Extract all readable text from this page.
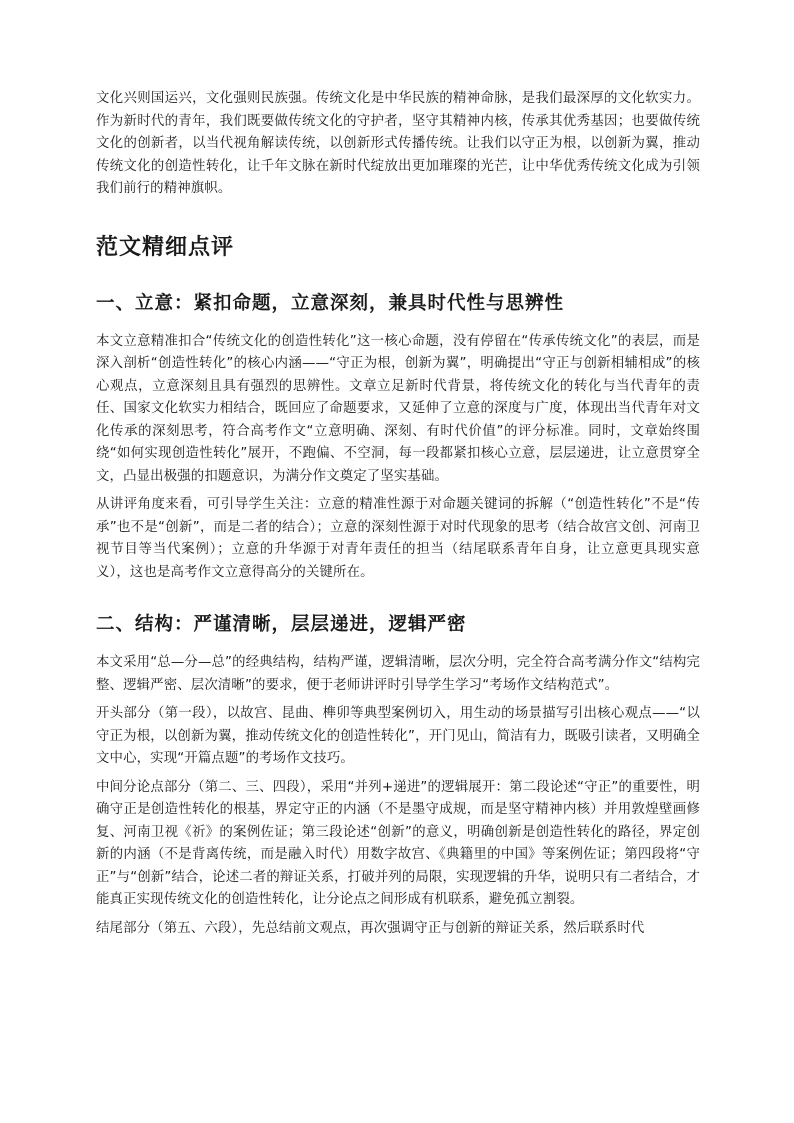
文化兴则国运兴，文化强则民族强。传统文化是中华民族的精神命脉，是我们最深厚的文化软实力。作为新时代的青年，我们既要做传统文化的守护者，坚守其精神内核，传承其优秀基因；也要做传统文化的创新者，以当代视角解读传统，以创新形式传播传统。让我们以守正为根，以创新为翼，推动传统文化的创造性转化，让千年文脉在新时代绽放出更加璀璨的光芒，让中华优秀传统文化成为引领我们前行的精神旗帜。

范文精细点评
一、立意：紧扣命题，立意深刻，兼具时代性与思辨性

本文立意精准扣合“传统文化的创造性转化”这一核心命题，没有停留在“传承传统文化”的表层，而是深入剖析“创造性转化”的核心内涵——“守正为根，创新为翼”，明确提出“守正与创新相辅相成”的核心观点，立意深刻且具有强烈的思辨性。文章立足新时代背景，将传统文化的转化与当代青年的责任、国家文化软实力相结合，既回应了命题要求，又延伸了立意的深度与广度，体现出当代青年对文化传承的深刻思考，符合高考作文“立意明确、深刻、有时代价值”的评分标准。同时，文章始终围绕“如何实现创造性转化”展开，不跑偏、不空洞，每一段都紧扣核心立意，层层递进，让立意贯穿全文，凸显出极强的扣题意识，为满分作文奠定了坚实基础。

从讲评角度来看，可引导学生关注：立意的精准性源于对命题关键词的拆解（“创造性转化”不是“传承”也不是“创新”，而是二者的结合）；立意的深刻性源于对时代现象的思考（结合故宫文创、河南卫视节目等当代案例）；立意的升华源于对青年责任的担当（结尾联系青年自身，让立意更具现实意义），这也是高考作文立意得高分的关键所在。

二、结构：严谨清晰，层层递进，逻辑严密

本文采用“总—分—总”的经典结构，结构严谨，逻辑清晰，层次分明，完全符合高考满分作文“结构完整、逻辑严密、层次清晰”的要求，便于老师讲评时引导学生学习“考场作文结构范式”。

开头部分（第一段），以故宫、昆曲、榫卯等典型案例切入，用生动的场景描写引出核心观点——“以守正为根，以创新为翼，推动传统文化的创造性转化”，开门见山，简洁有力，既吸引读者，又明确全文中心，实现“开篇点题”的考场作文技巧。

中间分论点部分（第二、三、四段），采用“并列+递进”的逻辑展开：第二段论述“守正”的重要性，明确守正是创造性转化的根基，界定守正的内涵（不是墨守成规，而是坚守精神内核）并用敦煌壁画修复、河南卫视《祈》的案例佐证；第三段论述“创新”的意义，明确创新是创造性转化的路径，界定创新的内涵（不是背离传统，而是融入时代）用数字故宫、《典籍里的中国》等案例佐证；第四段将“守正”与“创新”结合，论述二者的辩证关系，打破并列的局限，实现逻辑的升华，说明只有二者结合，才能真正实现传统文化的创造性转化，让分论点之间形成有机联系，避免孤立割裂。

结尾部分（第五、六段），先总结前文观点，再次强调守正与创新的辩证关系，然后联系时代
